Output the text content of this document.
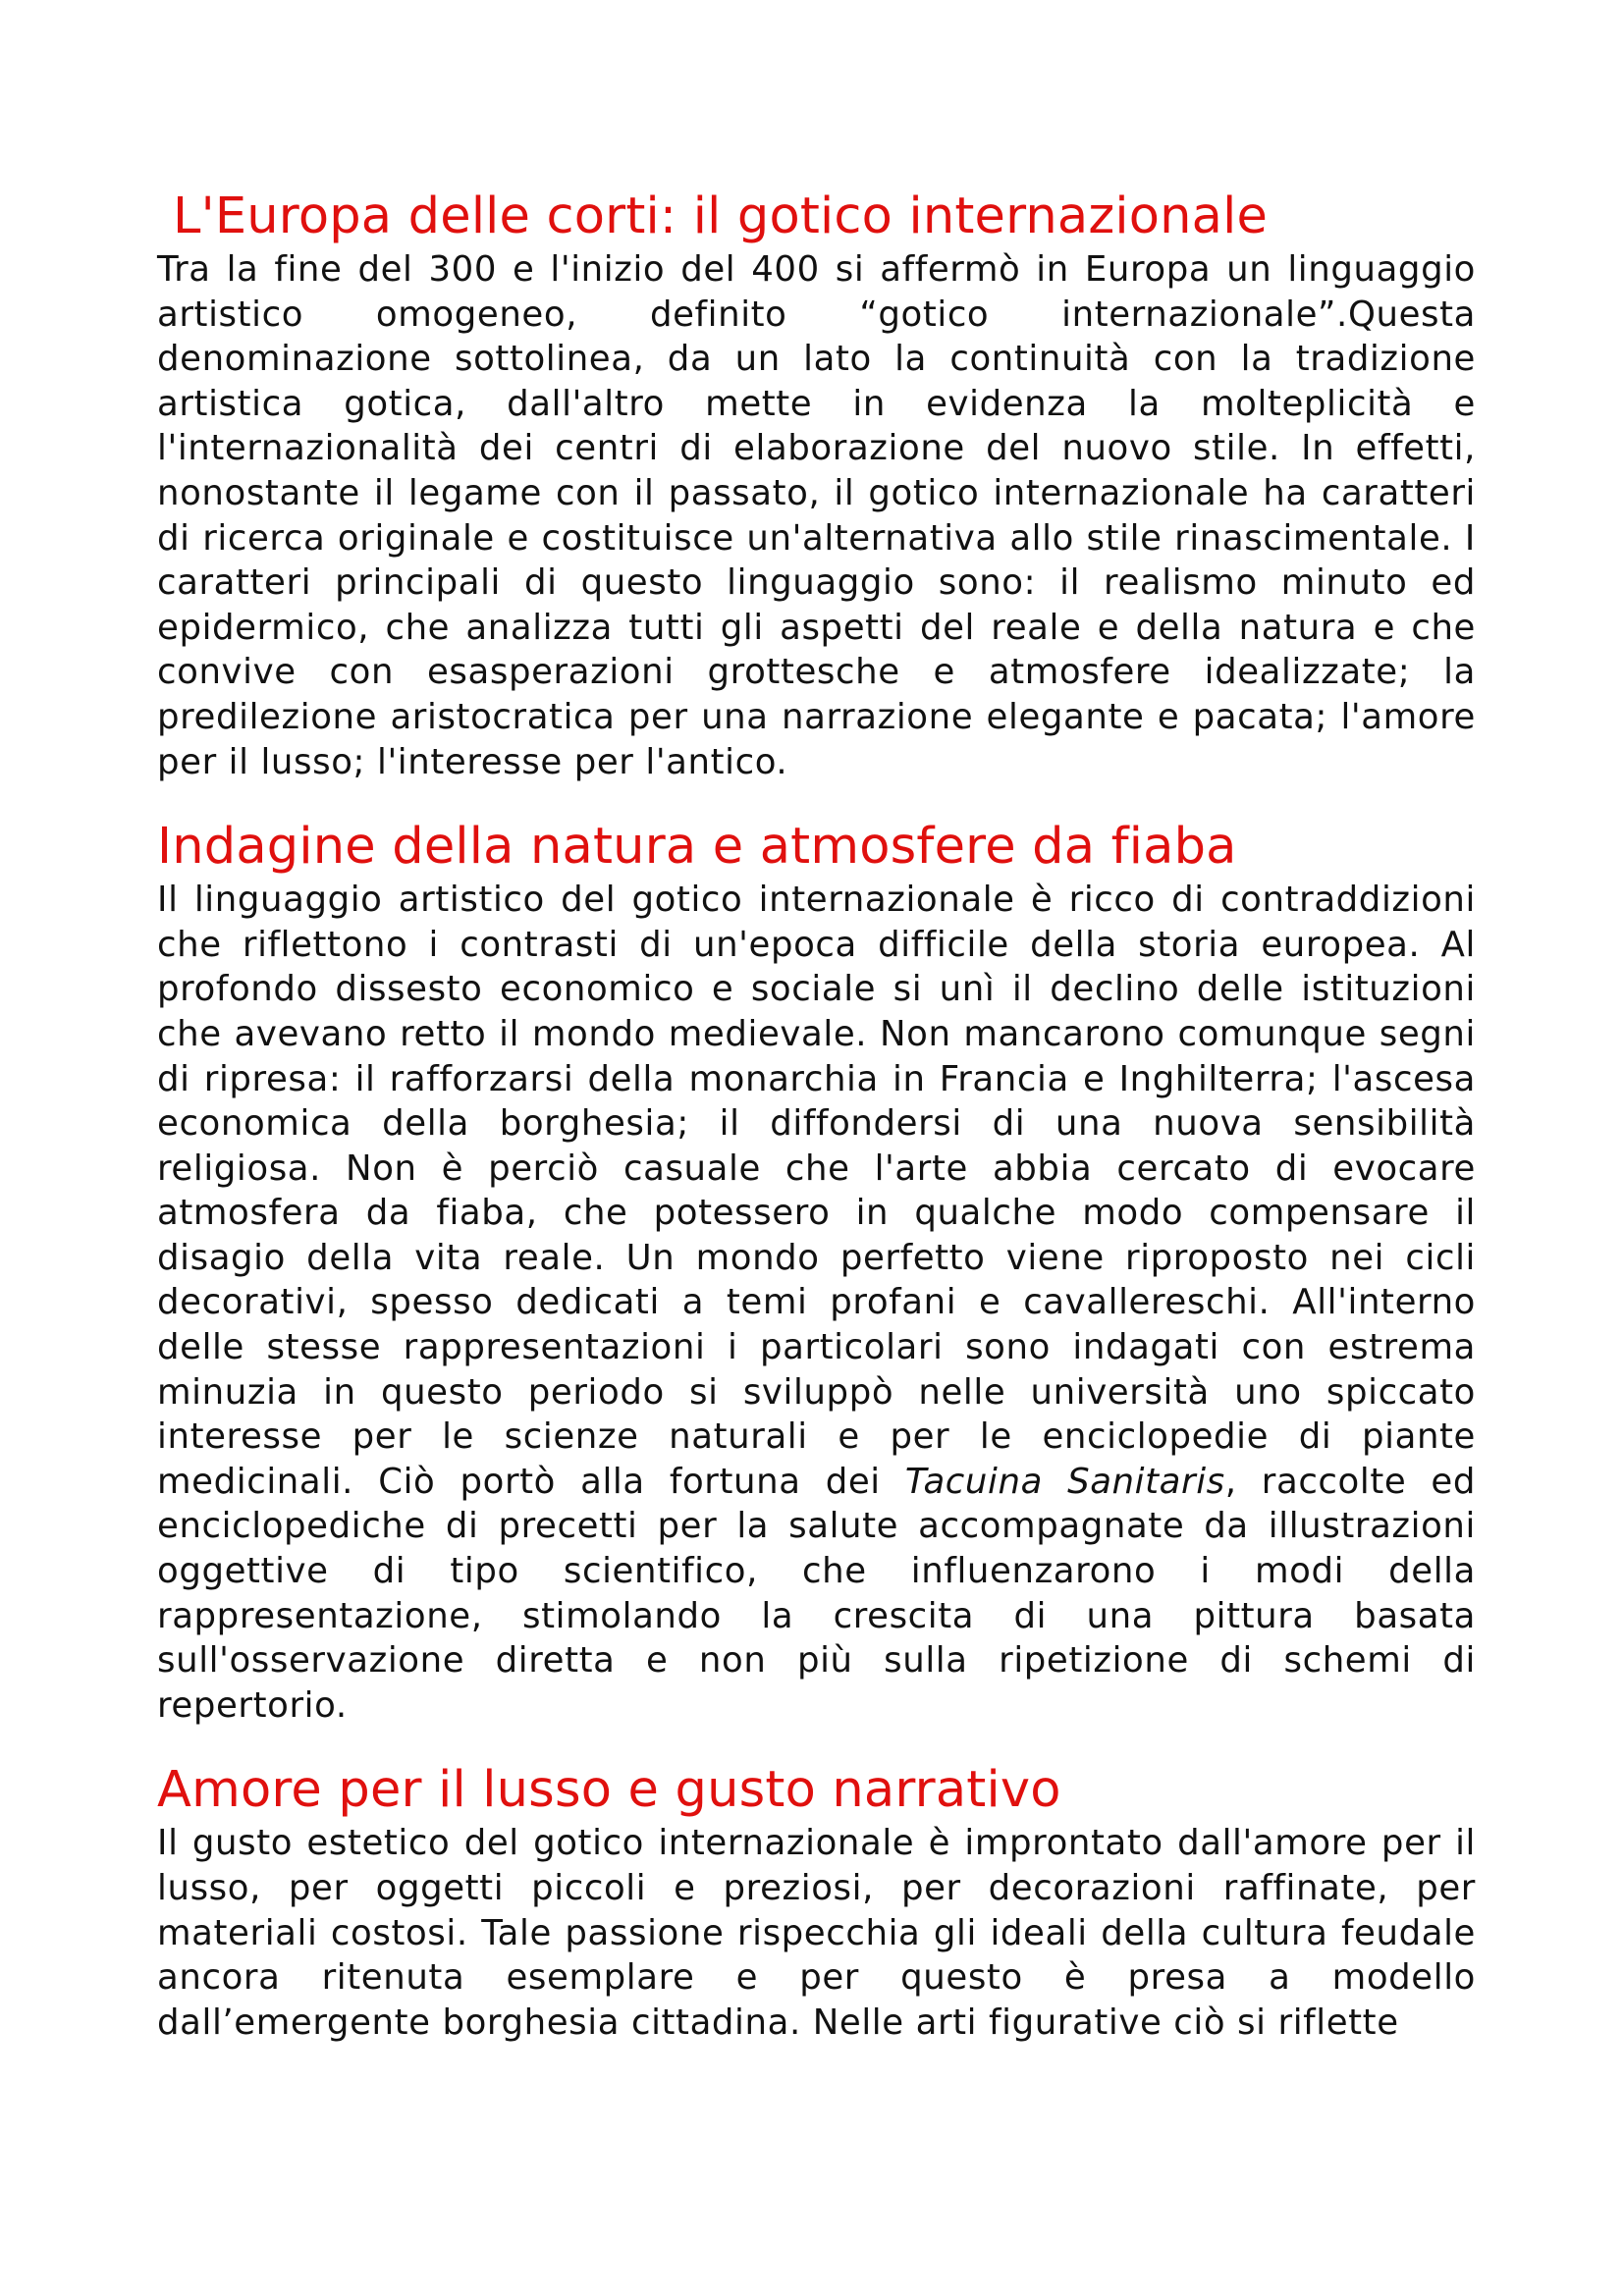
L'Europa delle corti: il gotico internazionale

Tra la fine del 300 e l'inizio del 400 si affermò in Europa un linguaggio artistico omogeneo, definito “gotico internazionale”.Questa denominazione sottolinea, da un lato la continuità con la tradizione artistica gotica, dall'altro mette in evidenza la molteplicità e l'internazionalità dei centri di elaborazione del nuovo stile. In effetti, nonostante il legame con il passato, il gotico internazionale ha caratteri di ricerca originale e costituisce un'alternativa allo stile rinascimentale. I caratteri principali di questo linguaggio sono: il realismo minuto ed epidermico, che analizza tutti gli aspetti del reale e della natura e che convive con esasperazioni grottesche e atmosfere idealizzate; la predilezione aristocratica per una narrazione elegante e pacata; l'amore per il lusso; l'interesse per l'antico.

Indagine della natura e atmosfere da fiaba

Il linguaggio artistico del gotico internazionale è ricco di contraddizioni che riflettono i contrasti di un'epoca difficile della storia europea. Al profondo dissesto economico e sociale si unì il declino delle istituzioni che avevano retto il mondo medievale. Non mancarono comunque segni di ripresa: il rafforzarsi della monarchia in Francia e Inghilterra; l'ascesa economica della borghesia; il diffondersi di una nuova sensibilità religiosa. Non è perciò casuale che l'arte abbia cercato di evocare atmosfera da fiaba, che potessero in qualche modo compensare il disagio della vita reale. Un mondo perfetto viene riproposto nei cicli decorativi, spesso dedicati a temi profani e cavallereschi. All'interno delle stesse rappresentazioni i particolari sono indagati con estrema minuzia in questo periodo si sviluppò nelle università uno spiccato interesse per le scienze naturali e per le enciclopedie di piante medicinali. Ciò portò alla fortuna dei Tacuina Sanitaris, raccolte ed enciclopediche di precetti per la salute accompagnate da illustrazioni oggettive di tipo scientifico, che influenzarono i modi della rappresentazione, stimolando la crescita di una pittura basata sull'osservazione diretta e non più sulla ripetizione di schemi di repertorio.

Amore per il lusso e gusto narrativo

Il gusto estetico del gotico internazionale è improntato dall'amore per il lusso, per oggetti piccoli e preziosi, per decorazioni raffinate, per materiali costosi. Tale passione rispecchia gli ideali della cultura feudale ancora ritenuta esemplare e per questo è presa a modello dall’emergente borghesia cittadina. Nelle arti figurative ciò si riflette
